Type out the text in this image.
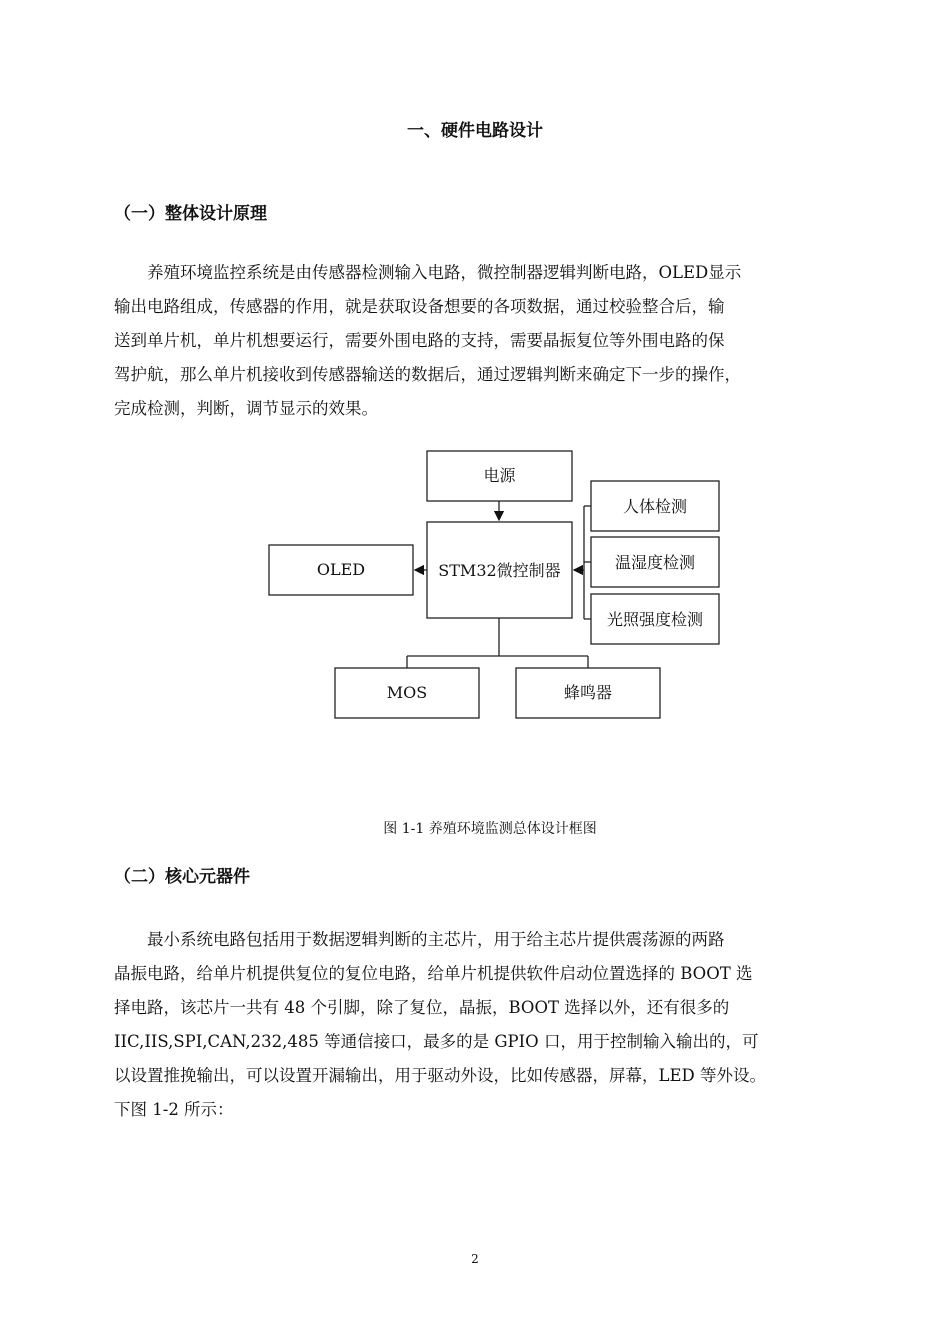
一、硬件电路设计
（一）整体设计原理
养殖环境监控系统是由传感器检测输入电路，微控制器逻辑判断电路，OLED显示
输出电路组成，传感器的作用，就是获取设备想要的各项数据，通过校验整合后，输
送到单片机，单片机想要运行，需要外围电路的支持，需要晶振复位等外围电路的保
驾护航，那么单片机接收到传感器输送的数据后，通过逻辑判断来确定下一步的操作，
完成检测，判断，调节显示的效果。
电源
STM32微控制器
OLED
人体检测
温湿度检测
光照强度检测
MOS	蜂鸣器
图 1-1 养殖环境监测总体设计框图
（二）核心元器件
最小系统电路包括用于数据逻辑判断的主芯片，用于给主芯片提供震荡源的两路
晶振电路，给单片机提供复位的复位电路，给单片机提供软件启动位置选择的 BOOT 选
择电路，该芯片一共有 48 个引脚，除了复位，晶振，BOOT 选择以外，还有很多的
IIC,IIS,SPI,CAN,232,485 等通信接口，最多的是 GPIO 口，用于控制输入输出的，可
以设置推挽输出，可以设置开漏输出，用于驱动外设，比如传感器，屏幕，LED 等外设。
下图 1-2 所示：
2
